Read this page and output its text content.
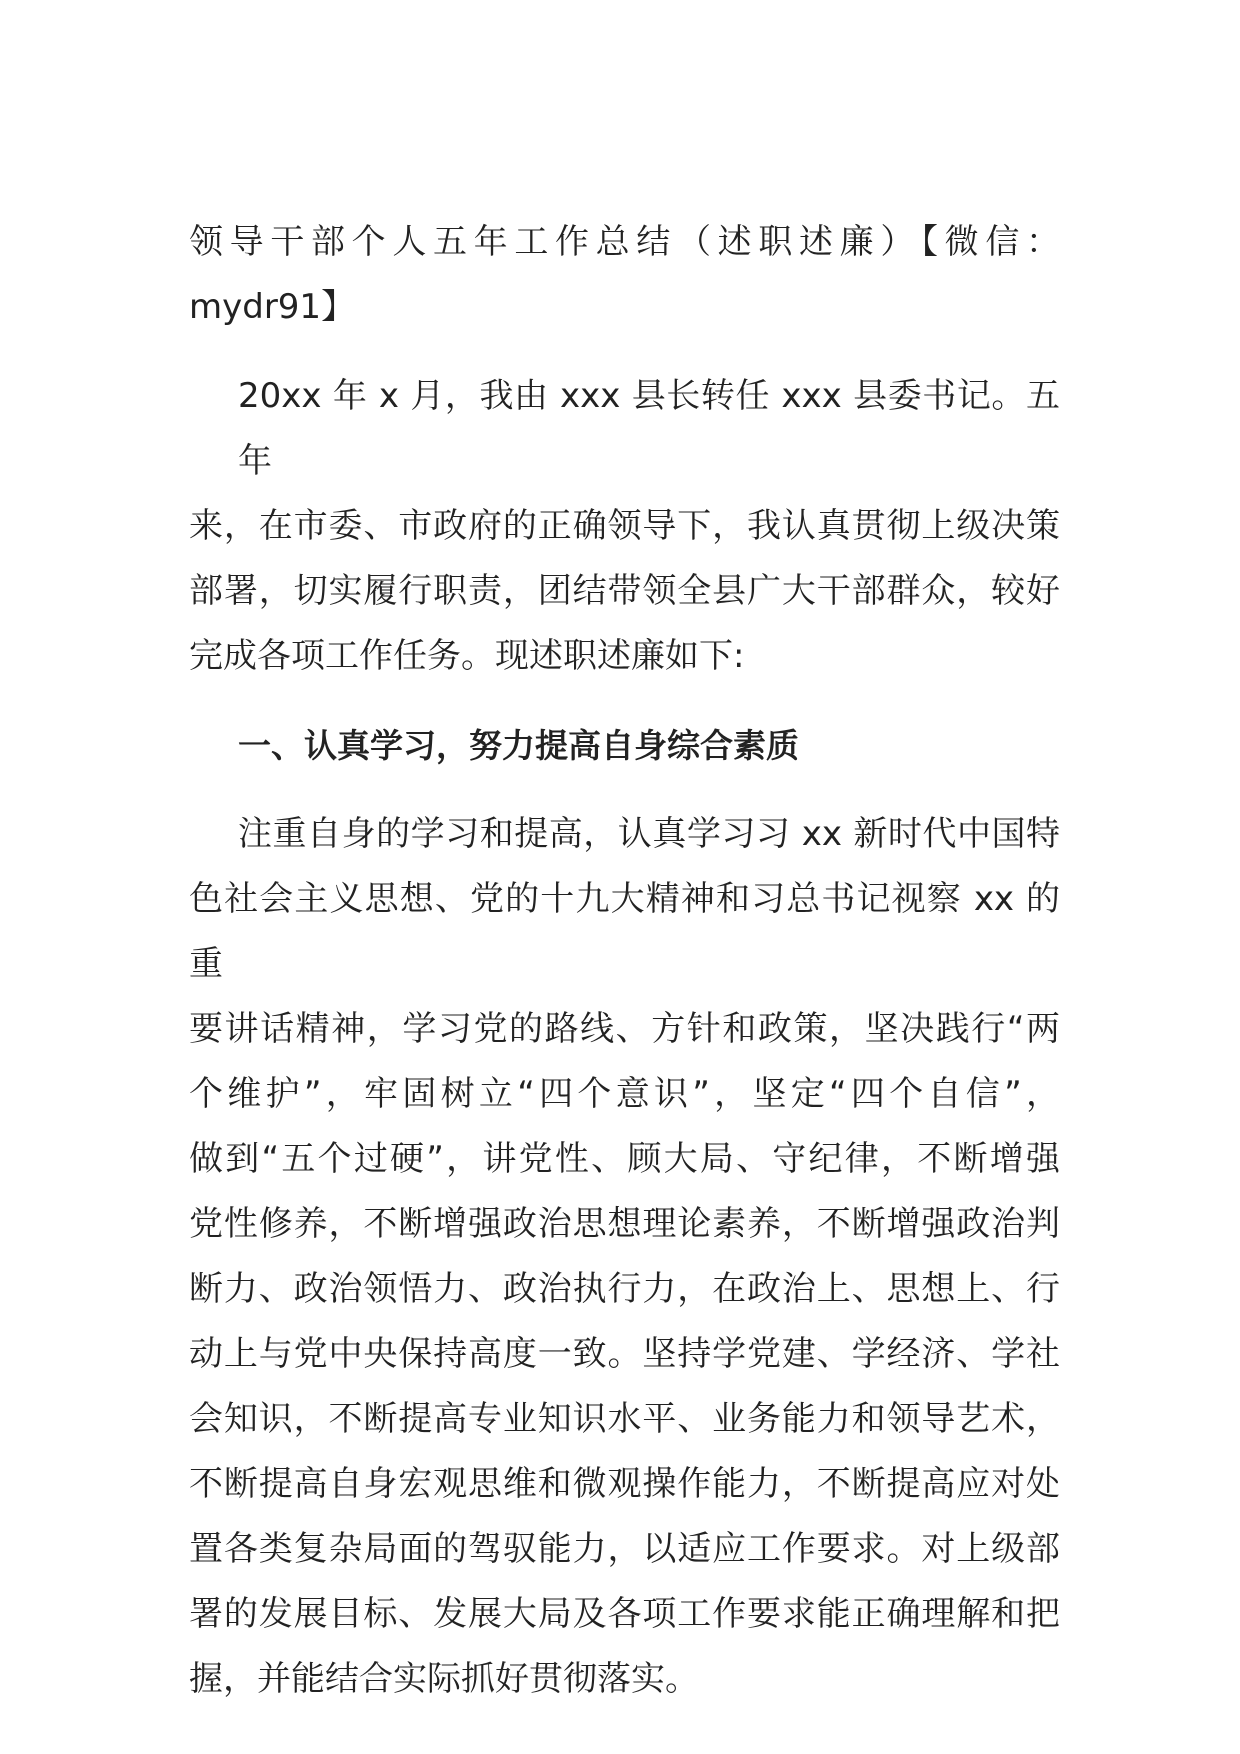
领导干部个人五年工作总结（述职述廉）【微信：
mydr91】
20xx 年 x 月，我由 xxx 县长转任 xxx 县委书记。五年
来，在市委、市政府的正确领导下，我认真贯彻上级决策
部署，切实履行职责，团结带领全县广大干部群众，较好
完成各项工作任务。现述职述廉如下:
一、认真学习，努力提高自身综合素质
注重自身的学习和提高，认真学习习 xx 新时代中国特
色社会主义思想、党的十九大精神和习总书记视察 xx 的重
要讲话精神，学习党的路线、方针和政策，坚决践行“两
个维护”，牢固树立“四个意识”，坚定“四个自信”，
做到“五个过硬”，讲党性、顾大局、守纪律，不断增强
党性修养，不断增强政治思想理论素养，不断增强政治判
断力、政治领悟力、政治执行力，在政治上、思想上、行
动上与党中央保持高度一致。坚持学党建、学经济、学社
会知识，不断提高专业知识水平、业务能力和领导艺术，
不断提高自身宏观思维和微观操作能力，不断提高应对处
置各类复杂局面的驾驭能力，以适应工作要求。对上级部
署的发展目标、发展大局及各项工作要求能正确理解和把
握，并能结合实际抓好贯彻落实。
